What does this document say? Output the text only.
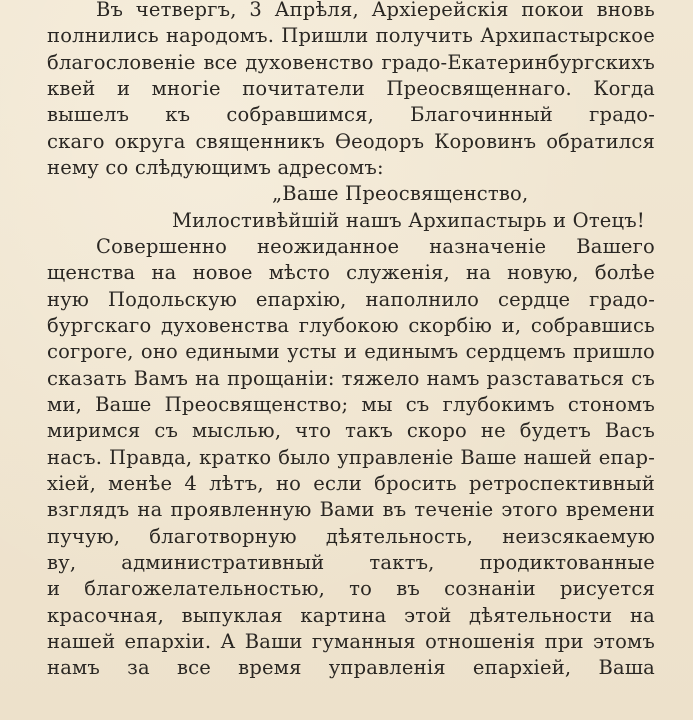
Въ четвергъ, 3 Апрѣля, Архіерейскія покои вновь
полнились народомъ. Пришли получить Архипастырское
благословеніе все духовенство градо-Екатеринбургскихъ
квей и многіе почитатели Преосвященнаго. Когда
вышелъ къ собравшимся, Благочинный градо-
скаго округа священникъ Ѳеодоръ Коровинъ обратился
нему со слѣдующимъ адресомъ:
„Ваше Преосвященство,
Милостивѣйшій нашъ Архипастырь и Отецъ!
Совершенно неожиданное назначеніе Вашего
щенства на новое мѣсто служенія, на новую, болѣе
ную Подольскую епархію, наполнило сердце градо-
бургскаго духовенства глубокою скорбію и, собравшись
согроге, оно едиными усты и единымъ сердцемъ пришло
сказать Вамъ на прощаніи: тяжело намъ разставаться съ
ми, Ваше Преосвященство; мы съ глубокимъ стономъ
миримся съ мыслью, что такъ скоро не будетъ Васъ
насъ. Правда, кратко было управленіе Ваше нашей епар-
хіей, менѣе 4 лѣтъ, но если бросить ретроспективный
взглядъ на проявленную Вами въ теченіе этого времени
пучую, благотворную дѣятельность, неизсякаемую
ву, административный тактъ, продиктованные
и благожелательностью, то въ сознаніи рисуется
красочная, выпуклая картина этой дѣятельности на
нашей епархіи. А Ваши гуманныя отношенія при этомъ
намъ за все время управленія епархіей, Ваша
